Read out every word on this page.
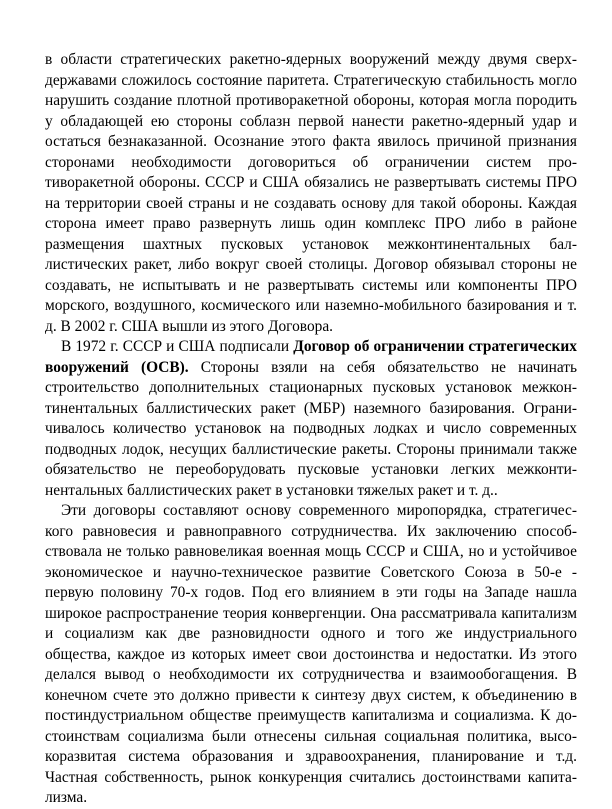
в области стратегических ракетно-ядерных вооружений между двумя сверхдержавами сложилось состояние паритета. Стратегическую стабильность могло нарушить создание плотной противоракетной обороны, которая могла породить у обладающей ею стороны соблазн первой нанести ракетно-ядерный удар и остаться безнаказанной. Осознание этого факта явилось причиной признания сторонами необходимости договориться об ограничении систем противоракетной обороны. СССР и США обязались не развертывать системы ПРО на территории своей страны и не создавать основу для такой обороны. Каждая сторона имеет право развернуть лишь один комплекс ПРО либо в районе размещения шахтных пусковых установок межконтинентальных баллистических ракет, либо вокруг своей столицы. Договор обязывал стороны не создавать, не испытывать и не развертывать системы или компоненты ПРО морского, воздушного, космического или наземно-мобильного базирования и т. д. В 2002 г. США вышли из этого Договора.

В 1972 г. СССР и США подписали Договор об ограничении стратегических вооружений (ОСВ). Стороны взяли на себя обязательство не начинать строительство дополнительных стационарных пусковых установок межконтинентальных баллистических ракет (МБР) наземного базирования. Ограничивалось количество установок на подводных лодках и число современных подводных лодок, несущих баллистические ракеты. Стороны принимали также обязательство не переоборудовать пусковые установки легких межконтинентальных баллистических ракет в установки тяжелых ракет и т. д..

Эти договоры составляют основу современного миропорядка, стратегического равновесия и равноправного сотрудничества. Их заключению способствовала не только равновеликая военная мощь СССР и США, но и устойчивое экономическое и научно-техническое развитие Советского Союза в 50-е - первую половину 70-х годов. Под его влиянием в эти годы на Западе нашла широкое распространение теория конвергенции. Она рассматривала капитализм и социализм как две разновидности одного и того же индустриального общества, каждое из которых имеет свои достоинства и недостатки. Из этого делался вывод о необходимости их сотрудничества и взаимообогащения. В конечном счете это должно привести к синтезу двух систем, к объединению в постиндустриальном обществе преимуществ капитализма и социализма. К достоинствам социализма были отнесены сильная социальная политика, высокоразвитая система образования и здравоохранения, планирование и т.д. Частная собственность, рынок конкуренция считались достоинствами капитализма.
